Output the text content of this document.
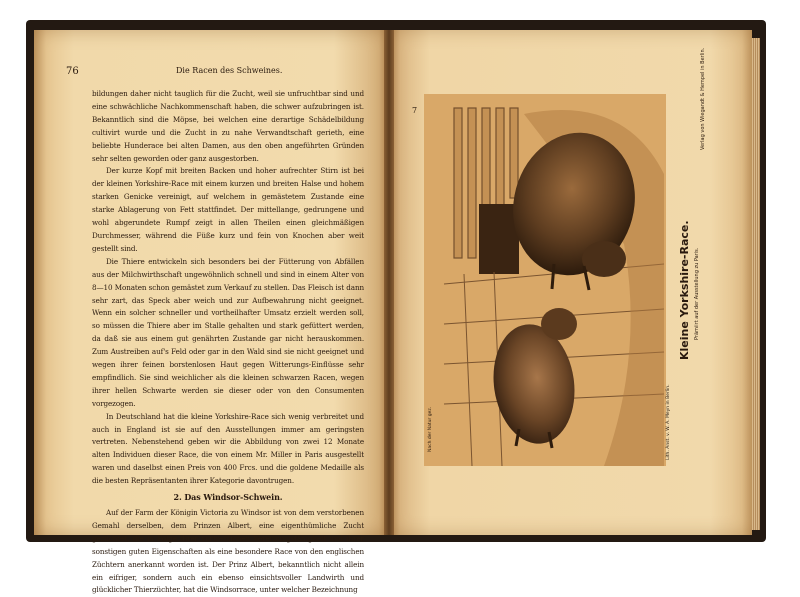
76	Die Racen des Schweines.

bildungen daher nicht tauglich für die Zucht, weil sie unfruchtbar sind und eine schwächliche Nachkommenschaft haben, die schwer aufzubringen ist. Bekanntlich sind die Möpse, bei welchen eine derartige Schädelbildung cultivirt wurde und die Zucht in zu nahe Verwandtschaft gerieth, eine beliebte Hunderace bei alten Damen, aus den oben angeführten Gründen sehr selten geworden oder ganz ausgestorben.

Der kurze Kopf mit breiten Backen und hoher aufrechter Stirn ist bei der kleinen Yorkshire-Race mit einem kurzen und breiten Halse und hohem starken Genicke vereinigt, auf welchem in gemästetem Zustande eine starke Ablagerung von Fett stattfindet. Der mittellange, gedrungene und wohl abgerundete Rumpf zeigt in allen Theilen einen gleichmäßigen Durchmesser, während die Füße kurz und fein von Knochen aber weit gestellt sind.

Die Thiere entwickeln sich besonders bei der Fütterung von Abfällen aus der Milchwirthschaft ungewöhnlich schnell und sind in einem Alter von 8—10 Monaten schon gemästet zum Verkauf zu stellen. Das Fleisch ist dann sehr zart, das Speck aber weich und zur Aufbewahrung nicht geeignet. Wenn ein solcher schneller und vortheilhafter Umsatz erzielt werden soll, so müssen die Thiere aber im Stalle gehalten und stark gefüttert werden, da daß sie aus einem gut genährten Zustande gar nicht herauskommen. Zum Austreiben auf's Feld oder gar in den Wald sind sie nicht geeignet und wegen ihrer feinen borstenlosen Haut gegen Witterungs-Einflüsse sehr empfindlich. Sie sind weichlicher als die kleinen schwarzen Racen, wegen ihrer hellen Schwarte werden sie dieser oder von den Consumenten vorgezogen.

In Deutschland hat die kleine Yorkshire-Race sich wenig verbreitet und auch in England ist sie auf den Ausstellungen immer am geringsten vertreten. Nebenstehend geben wir die Abbildung von zwei 12 Monate alten Individuen dieser Race, die von einem Mr. Miller in Paris ausgestellt waren und daselbst einen Preis von 400 Frcs. und die goldene Medaille als die besten Repräsentanten ihrer Kategorie davontrugen.

2. Das Windsor-Schwein.

Auf der Farm der Königin Victoria zu Windsor ist von dem verstorbenen Gemahl derselben, dem Prinzen Albert, eine eigenthümliche Zucht gezüchtet, die in Folge ihrer vortrefflichen Vererbungsfähigkeit und ihrer sonstigen guten Eigenschaften als eine besondere Race von den englischen Züchtern anerkannt worden ist. Der Prinz Albert, bekanntlich nicht allein ein eifriger, sondern auch ein ebenso einsichtsvoller Landwirth und glücklicher Thierzüchter, hat die Windsorrace, unter welcher Bezeichnung

7
Nach der Natur gez.	Lith. Anst. v. W. A. Meyn in Berlin.
Kleine Yorkshire-Race. Prämiirt auf der Ausstellung zu Paris.
Verlag von Wiegandt & Hempel in Berlin.
